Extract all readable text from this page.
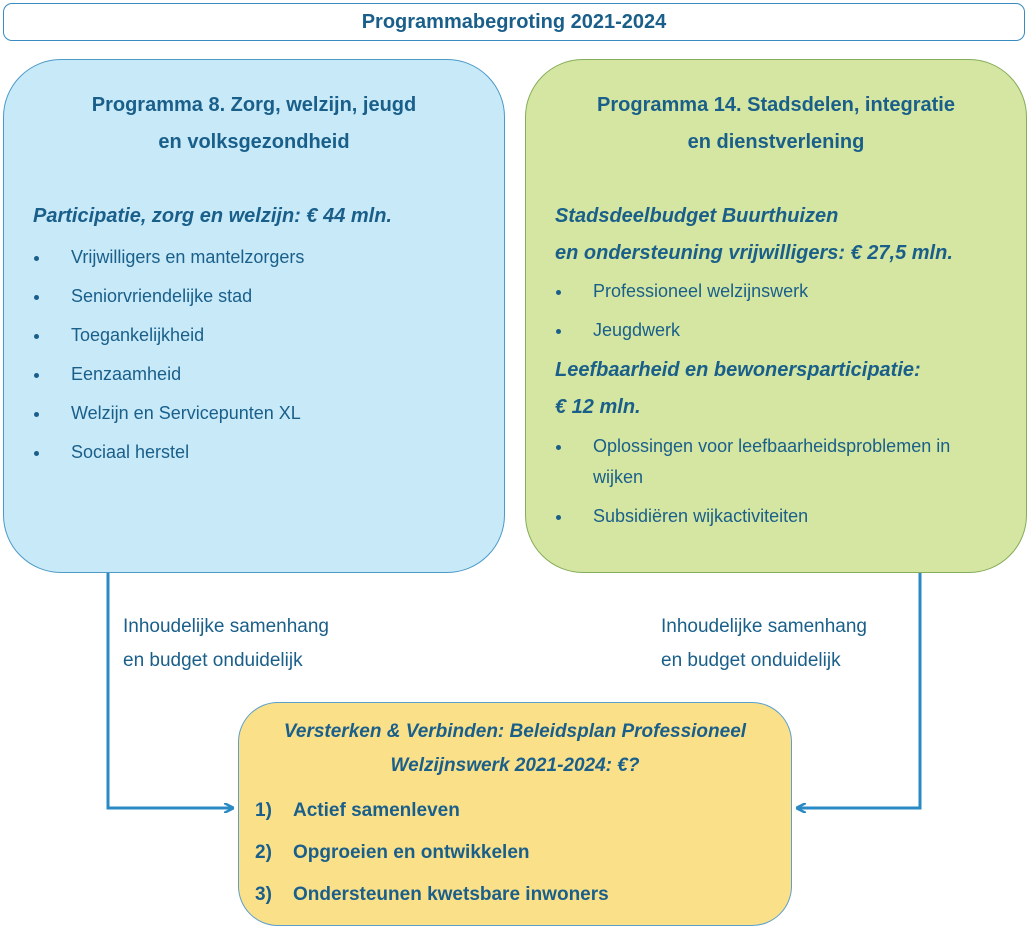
Programmabegroting 2021-2024
Programma 8. Zorg, welzijn, jeugd
en volksgezondheid
Participatie, zorg en welzijn: € 44 mln.
Vrijwilligers en mantelzorgers
Seniorvriendelijke stad
Toegankelijkheid
Eenzaamheid
Welzijn en Servicepunten XL
Sociaal herstel
Programma 14. Stadsdelen, integratie
en dienstverlening
Stadsdeelbudget Buurthuizen
en ondersteuning vrijwilligers: € 27,5 mln.
Professioneel welzijnswerk
Jeugdwerk
Leefbaarheid en bewonersparticipatie:
€ 12 mln.
Oplossingen voor leefbaarheidsproblemen in wijken
Subsidiëren wijkactiviteiten
Inhoudelijke samenhang
en budget onduidelijk
Inhoudelijke samenhang
en budget onduidelijk
Versterken & Verbinden: Beleidsplan Professioneel
Welzijnswerk 2021-2024: €?
1) Actief samenleven
2) Opgroeien en ontwikkelen
3) Ondersteunen kwetsbare inwoners
